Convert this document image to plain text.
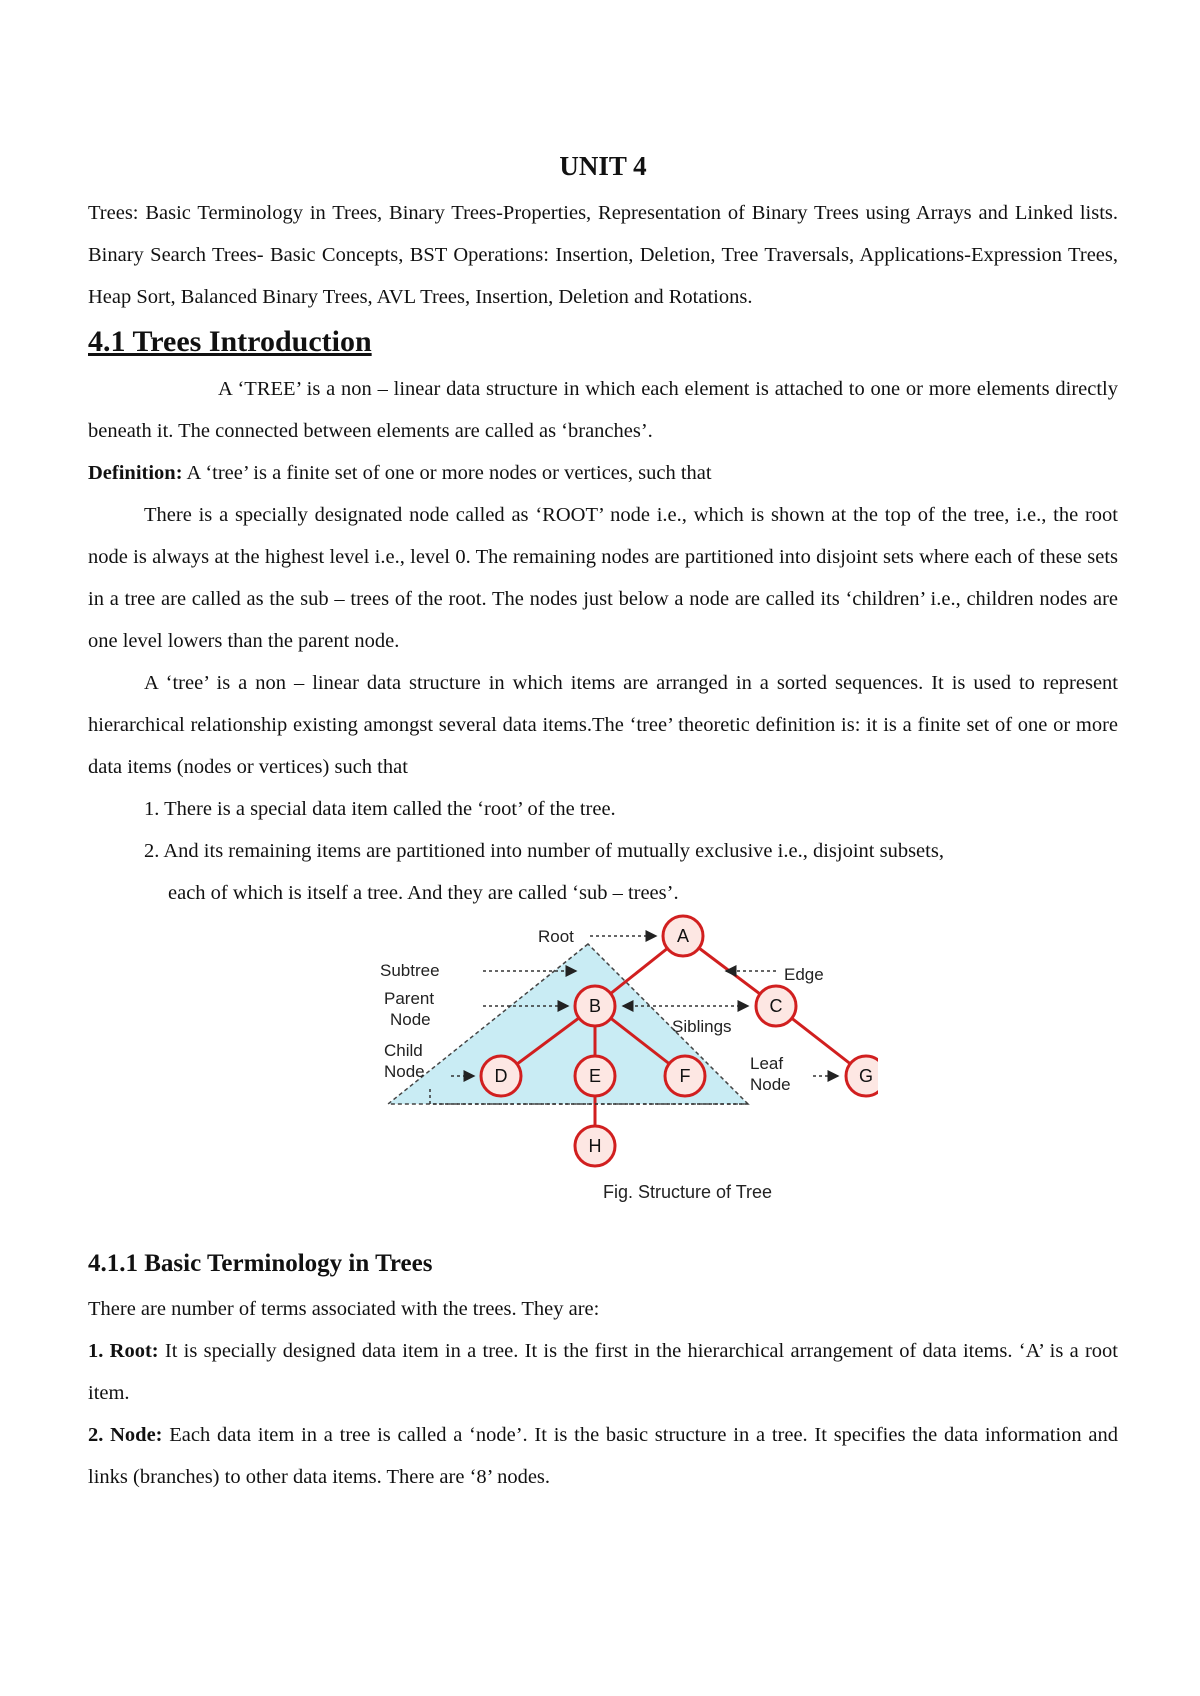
UNIT 4

Trees: Basic Terminology in Trees, Binary Trees-Properties, Representation of Binary Trees using Arrays and Linked lists. Binary Search Trees- Basic Concepts, BST Operations: Insertion, Deletion, Tree Traversals, Applications-Expression Trees, Heap Sort, Balanced Binary Trees, AVL Trees, Insertion, Deletion and Rotations.

4.1 Trees Introduction

A ‘TREE’ is a non – linear data structure in which each element is attached to one or more elements directly beneath it. The connected between elements are called as ‘branches’.

Definition: A ‘tree’ is a finite set of one or more nodes or vertices, such that

There is a specially designated node called as ‘ROOT’ node i.e., which is shown at the top of the tree, i.e., the root node is always at the highest level i.e., level 0. The remaining nodes are partitioned into disjoint sets where each of these sets in a tree are called as the sub – trees of the root. The nodes just below a node are called its ‘children’ i.e., children nodes are one level lowers than the parent node.

A ‘tree’ is a non – linear data structure in which items are arranged in a sorted sequences. It is used to represent hierarchical relationship existing amongst several data items.The ‘tree’ theoretic definition is: it is a finite set of one or more data items (nodes or vertices) such that

1. There is a special data item called the ‘root’ of the tree.

2. And its remaining items are partitioned into number of mutually exclusive i.e., disjoint subsets,

each of which is itself a tree. And they are called ‘sub – trees’.

A
B	C
D	E	F	G
H
Root
Subtree	Edge
Parent
Node	Siblings
Child
Node	Leaf
Node
Fig. Structure of Tree

4.1.1 Basic Terminology in Trees

There are number of terms associated with the trees. They are:

1. Root: It is specially designed data item in a tree. It is the first in the hierarchical arrangement of data items. ‘A’ is a root item.

2. Node: Each data item in a tree is called a ‘node’. It is the basic structure in a tree. It specifies the data information and links (branches) to other data items. There are ‘8’ nodes.
